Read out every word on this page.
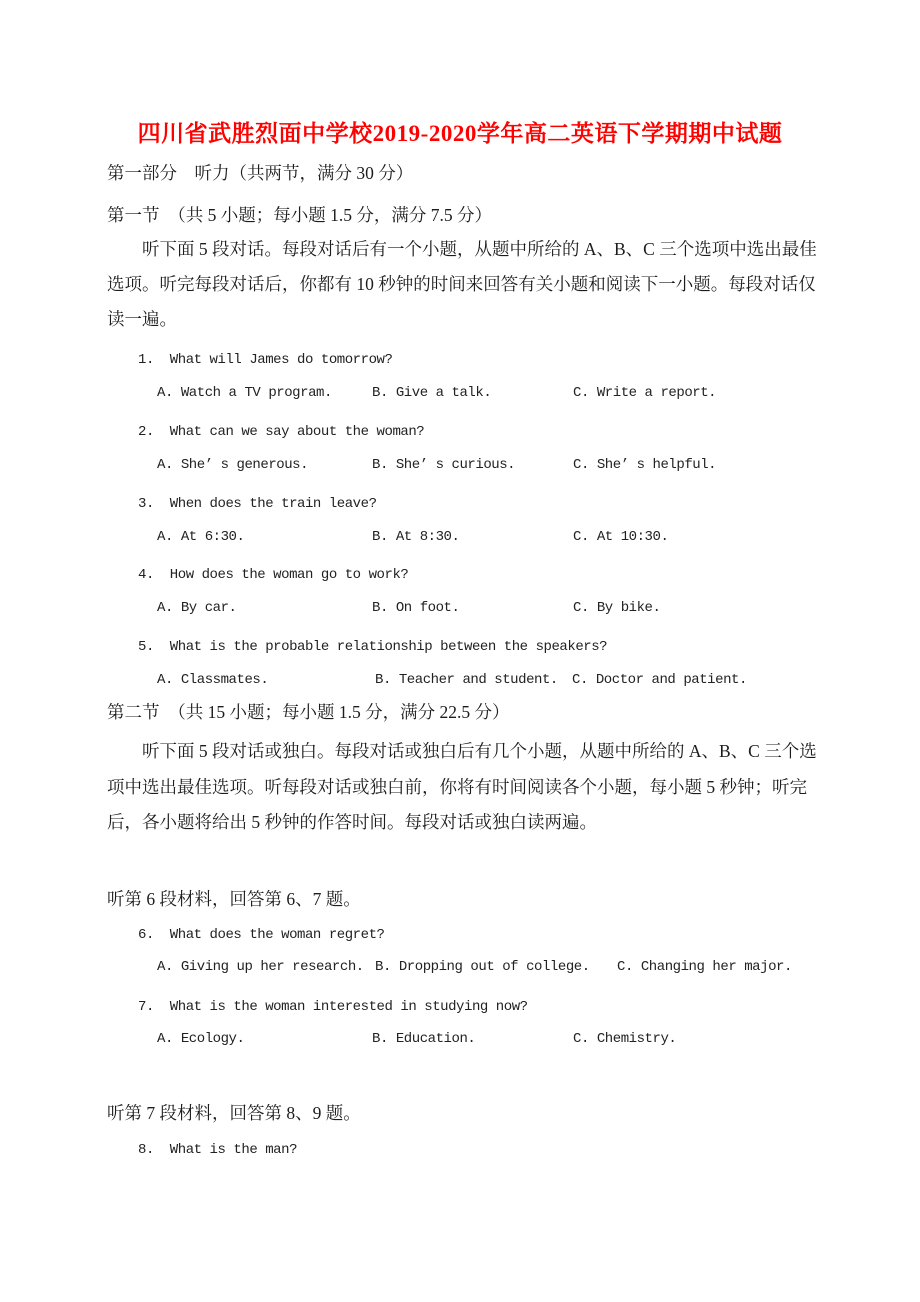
四川省武胜烈面中学校2019-2020学年高二英语下学期期中试题
第一部分　听力（共两节，满分 30 分）
第一节　（共 5 小题；每小题 1.5 分，满分 7.5 分）
听下面 5 段对话。每段对话后有一个小题，从题中所给的 A、B、C 三个选项中选出最佳
选项。听完每段对话后，你都有 10 秒钟的时间来回答有关小题和阅读下一小题。每段对话仅
读一遍。
1.  What will James do tomorrow?
A. Watch a TV program.	B. Give a talk.	C. Write a report.
2.  What can we say about the woman?
A. She’ s generous.	B. She’ s curious.	C. She’ s helpful.
3.  When does the train leave?
A. At 6:30.	B. At 8:30.	C. At 10:30.
4.  How does the woman go to work?
A. By car.	B. On foot.	C. By bike.
5.  What is the probable relationship between the speakers?
A. Classmates.	B. Teacher and student. C. Doctor and patient.
第二节　（共 15 小题；每小题 1.5 分，满分 22.5 分）
听下面 5 段对话或独白。每段对话或独白后有几个小题，从题中所给的 A、B、C 三个选
项中选出最佳选项。听每段对话或独白前，你将有时间阅读各个小题，每小题 5 秒钟；听完
后，各小题将给出 5 秒钟的作答时间。每段对话或独白读两遍。
听第 6 段材料，回答第 6、7 题。
6.  What does the woman regret?
A. Giving up her research. B. Dropping out of college. C. Changing her major.
7.  What is the woman interested in studying now?
A. Ecology.	B. Education.	C. Chemistry.
听第 7 段材料，回答第 8、9 题。
8.  What is the man?
